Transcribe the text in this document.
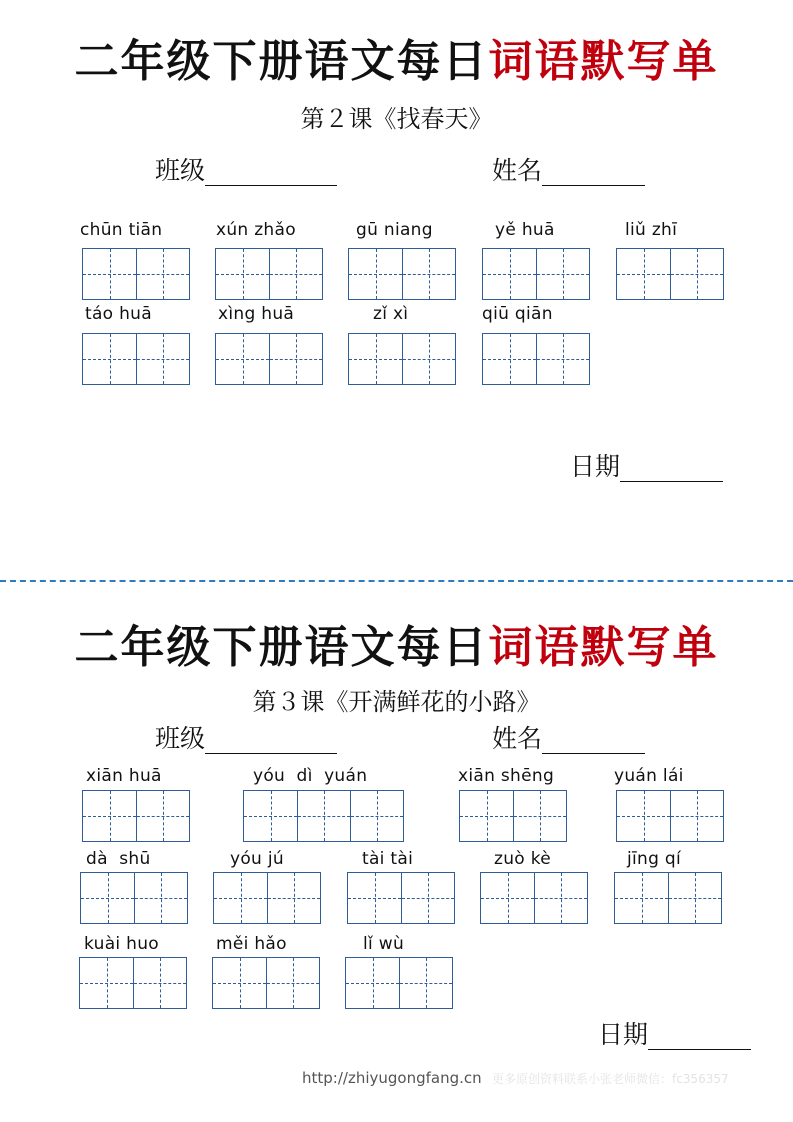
二年级下册语文每日词语默写单
第２课《找春天》
班级	姓名
chūn tiān	xún zhǎo	gū niang	yě huā	liǔ zhī
táo huā	xìng huā	zǐ xì	qiū qiān
日期
二年级下册语文每日词语默写单
第３课《开满鲜花的小路》
班级	姓名
xiān huā	yóu  dì  yuán	xiān shēng	yuán lái
dà  shū	yóu jú	tài tài	zuò kè	jīng qí
kuài huo	měi hǎo	lǐ wù
日期
http://zhiyugongfang.cn 更多原创资料联系小张老师微信：fc356357
